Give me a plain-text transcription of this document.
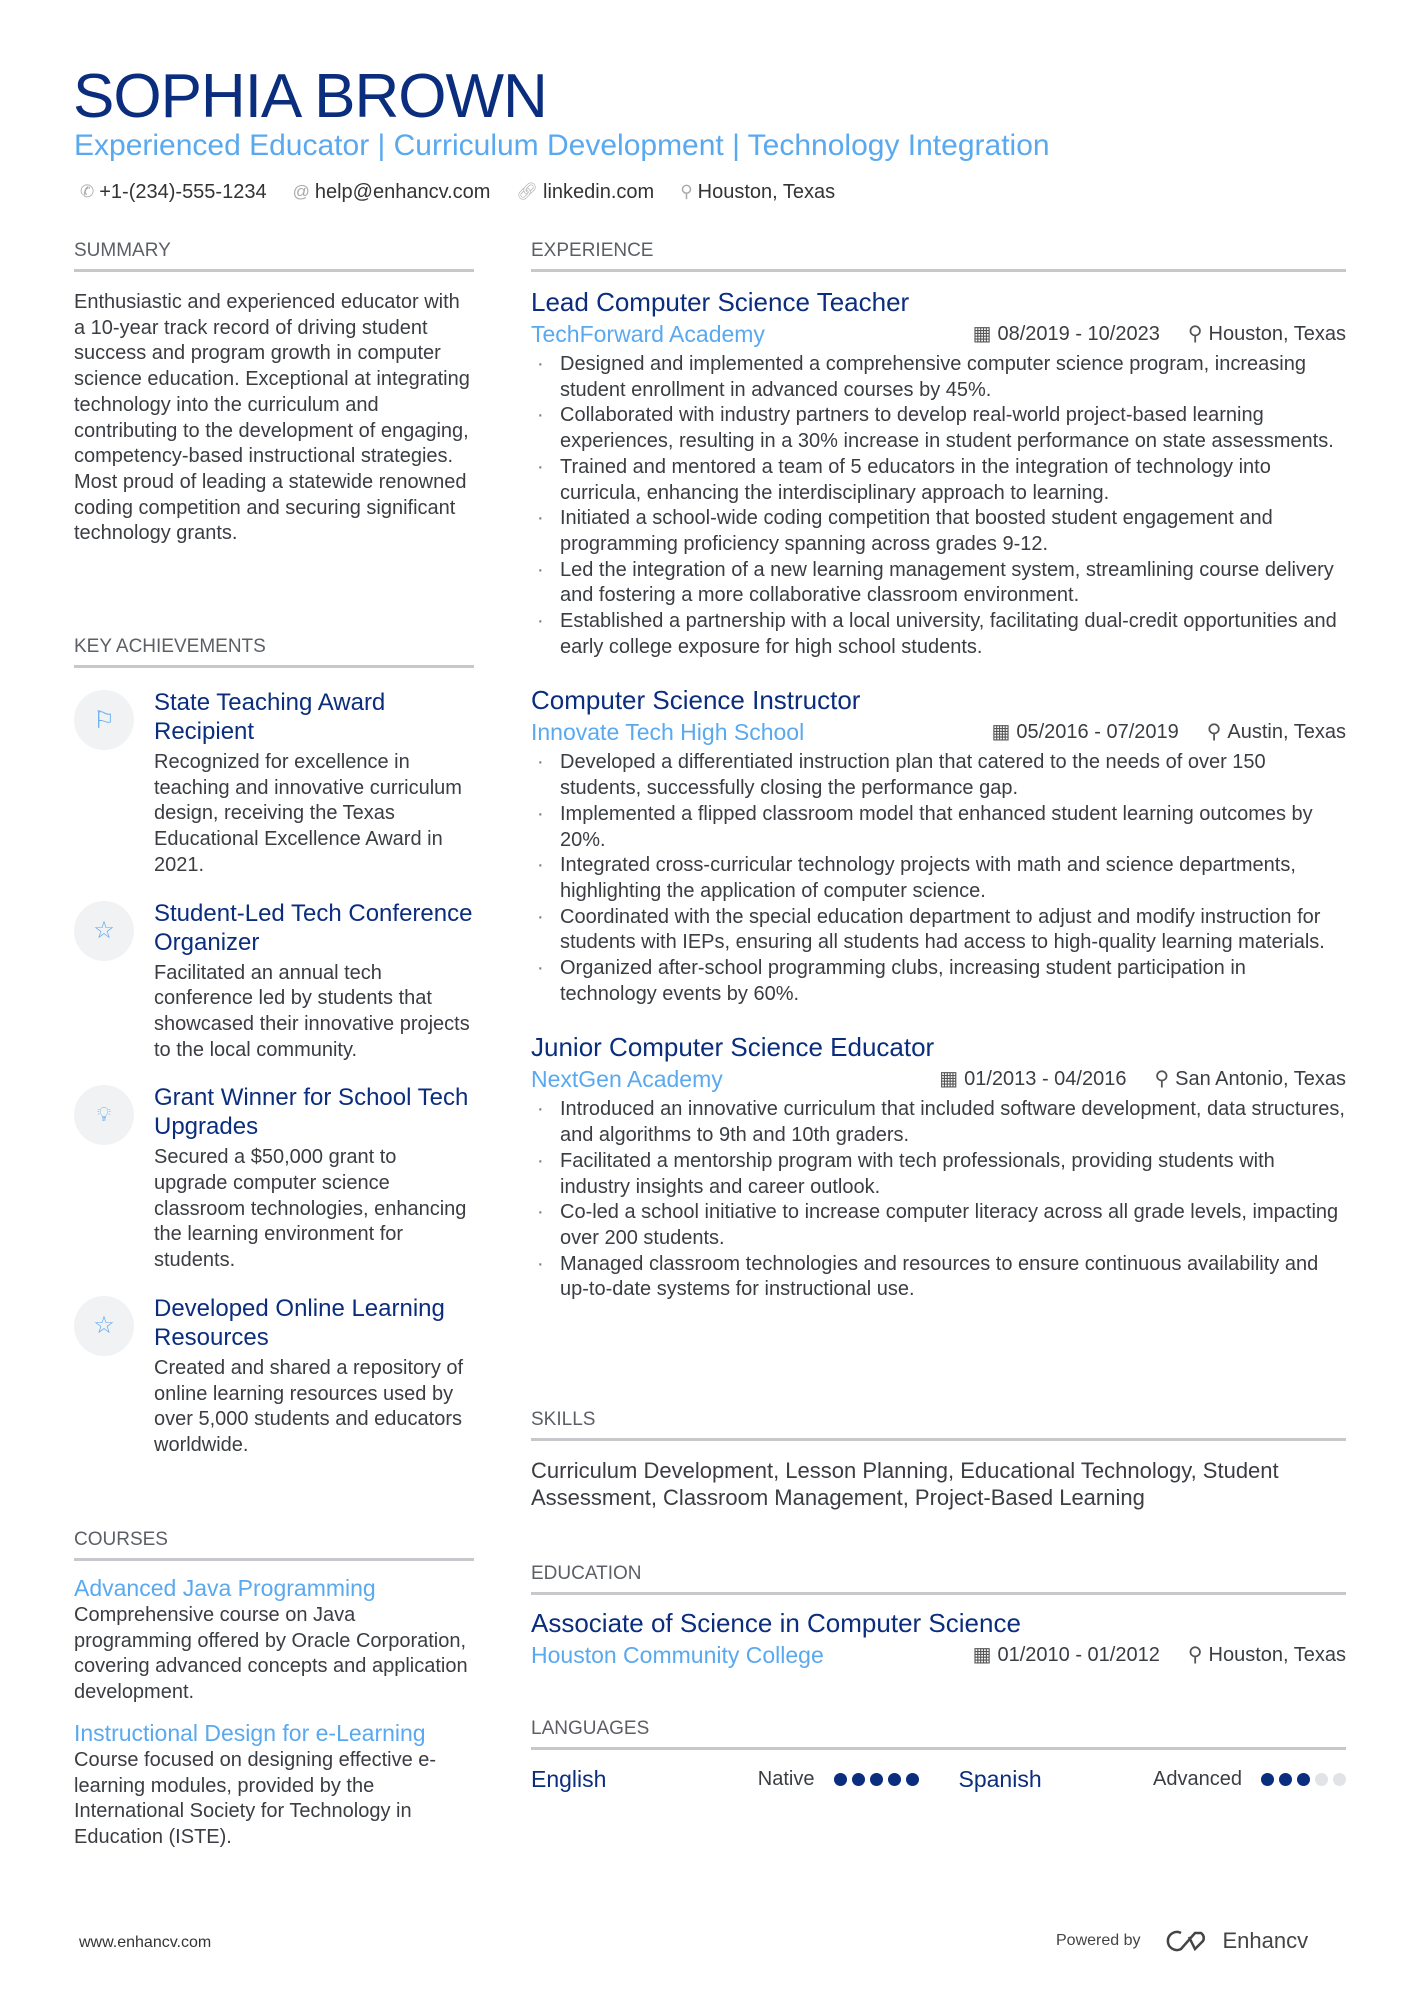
SOPHIA BROWN
Experienced Educator | Curriculum Development | Technology Integration
✆ +1-(234)-555-1234 @ help@enhancv.com 🔗︎ linkedin.com ⚲ Houston, Texas
SUMMARY

Enthusiastic and experienced educator with a 10-year track record of driving student success and program growth in computer science education. Exceptional at integrating technology into the curriculum and contributing to the development of engaging, competency-based instructional strategies. Most proud of leading a statewide renowned coding competition and securing significant technology grants.

KEY ACHIEVEMENTS
⚐
State Teaching Award Recipient

Recognized for excellence in teaching and innovative curriculum design, receiving the Texas Educational Excellence Award in 2021.

☆
Student-Led Tech Conference Organizer

Facilitated an annual tech conference led by students that showcased their innovative projects to the local community.

💡︎
Grant Winner for School Tech Upgrades

Secured a $50,000 grant to upgrade computer science classroom technologies, enhancing the learning environment for students.

☆
Developed Online Learning Resources

Created and shared a repository of online learning resources used by over 5,000 students and educators worldwide.

COURSES
Advanced Java Programming

Comprehensive course on Java programming offered by Oracle Corporation, covering advanced concepts and application development.

Instructional Design for e-Learning

Course focused on designing effective e-learning modules, provided by the International Society for Technology in Education (ISTE).

EXPERIENCE
Lead Computer Science Teacher
TechForward Academy	▦ 08/2019 - 10/2023 ⚲ Houston, Texas
· Designed and implemented a comprehensive computer science program, increasing student enrollment in advanced courses by 45%.
· Collaborated with industry partners to develop real-world project-based learning experiences, resulting in a 30% increase in student performance on state assessments.
· Trained and mentored a team of 5 educators in the integration of technology into curricula, enhancing the interdisciplinary approach to learning.
· Initiated a school-wide coding competition that boosted student engagement and programming proficiency spanning across grades 9-12.
· Led the integration of a new learning management system, streamlining course delivery and fostering a more collaborative classroom environment.
· Established a partnership with a local university, facilitating dual-credit opportunities and early college exposure for high school students.
Computer Science Instructor
Innovate Tech High School	▦ 05/2016 - 07/2019 ⚲ Austin, Texas
· Developed a differentiated instruction plan that catered to the needs of over 150 students, successfully closing the performance gap.
· Implemented a flipped classroom model that enhanced student learning outcomes by 20%.
· Integrated cross-curricular technology projects with math and science departments, highlighting the application of computer science.
· Coordinated with the special education department to adjust and modify instruction for students with IEPs, ensuring all students had access to high-quality learning materials.
· Organized after-school programming clubs, increasing student participation in technology events by 60%.
Junior Computer Science Educator
NextGen Academy	▦ 01/2013 - 04/2016 ⚲ San Antonio, Texas
· Introduced an innovative curriculum that included software development, data structures, and algorithms to 9th and 10th graders.
· Facilitated a mentorship program with tech professionals, providing students with industry insights and career outlook.
· Co-led a school initiative to increase computer literacy across all grade levels, impacting over 200 students.
· Managed classroom technologies and resources to ensure continuous availability and up-to-date systems for instructional use.
SKILLS

Curriculum Development, Lesson Planning, Educational Technology, Student Assessment, Classroom Management, Project-Based Learning

EDUCATION
Associate of Science in Computer Science
Houston Community College	▦ 01/2010 - 01/2012 ⚲ Houston, Texas
LANGUAGES
English	Native	Spanish	Advanced
www.enhancv.com	Powered by	Enhancv
